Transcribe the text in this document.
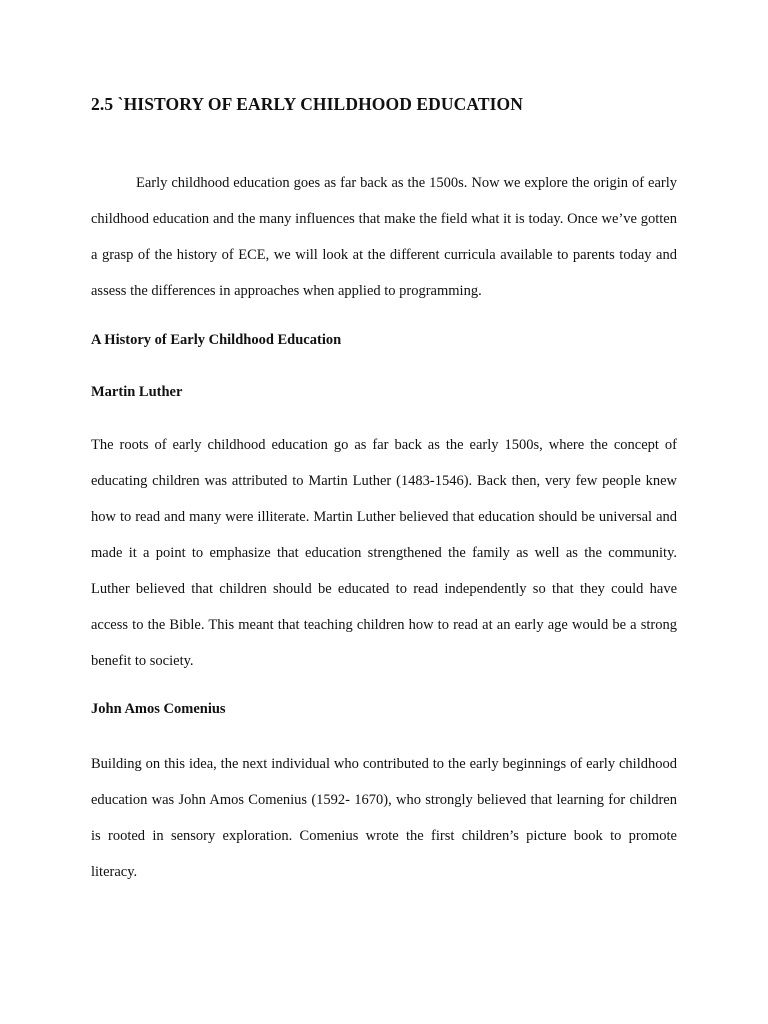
2.5 `HISTORY OF EARLY CHILDHOOD EDUCATION

Early childhood education goes as far back as the 1500s. Now we explore the origin of early childhood education and the many influences that make the field what it is today. Once we’ve gotten a grasp of the history of ECE, we will look at the different curricula available to parents today and assess the differences in approaches when applied to programming.

A History of Early Childhood Education
Martin Luther

The roots of early childhood education go as far back as the early 1500s, where the concept of educating children was attributed to Martin Luther (1483-1546). Back then, very few people knew how to read and many were illiterate. Martin Luther believed that education should be universal and made it a point to emphasize that education strengthened the family as well as the community. Luther believed that children should be educated to read independently so that they could have access to the Bible. This meant that teaching children how to read at an early age would be a strong benefit to society.

John Amos Comenius

Building on this idea, the next individual who contributed to the early beginnings of early childhood education was John Amos Comenius (1592- 1670), who strongly believed that learning for children is rooted in sensory exploration. Comenius wrote the first children’s picture book to promote literacy.
